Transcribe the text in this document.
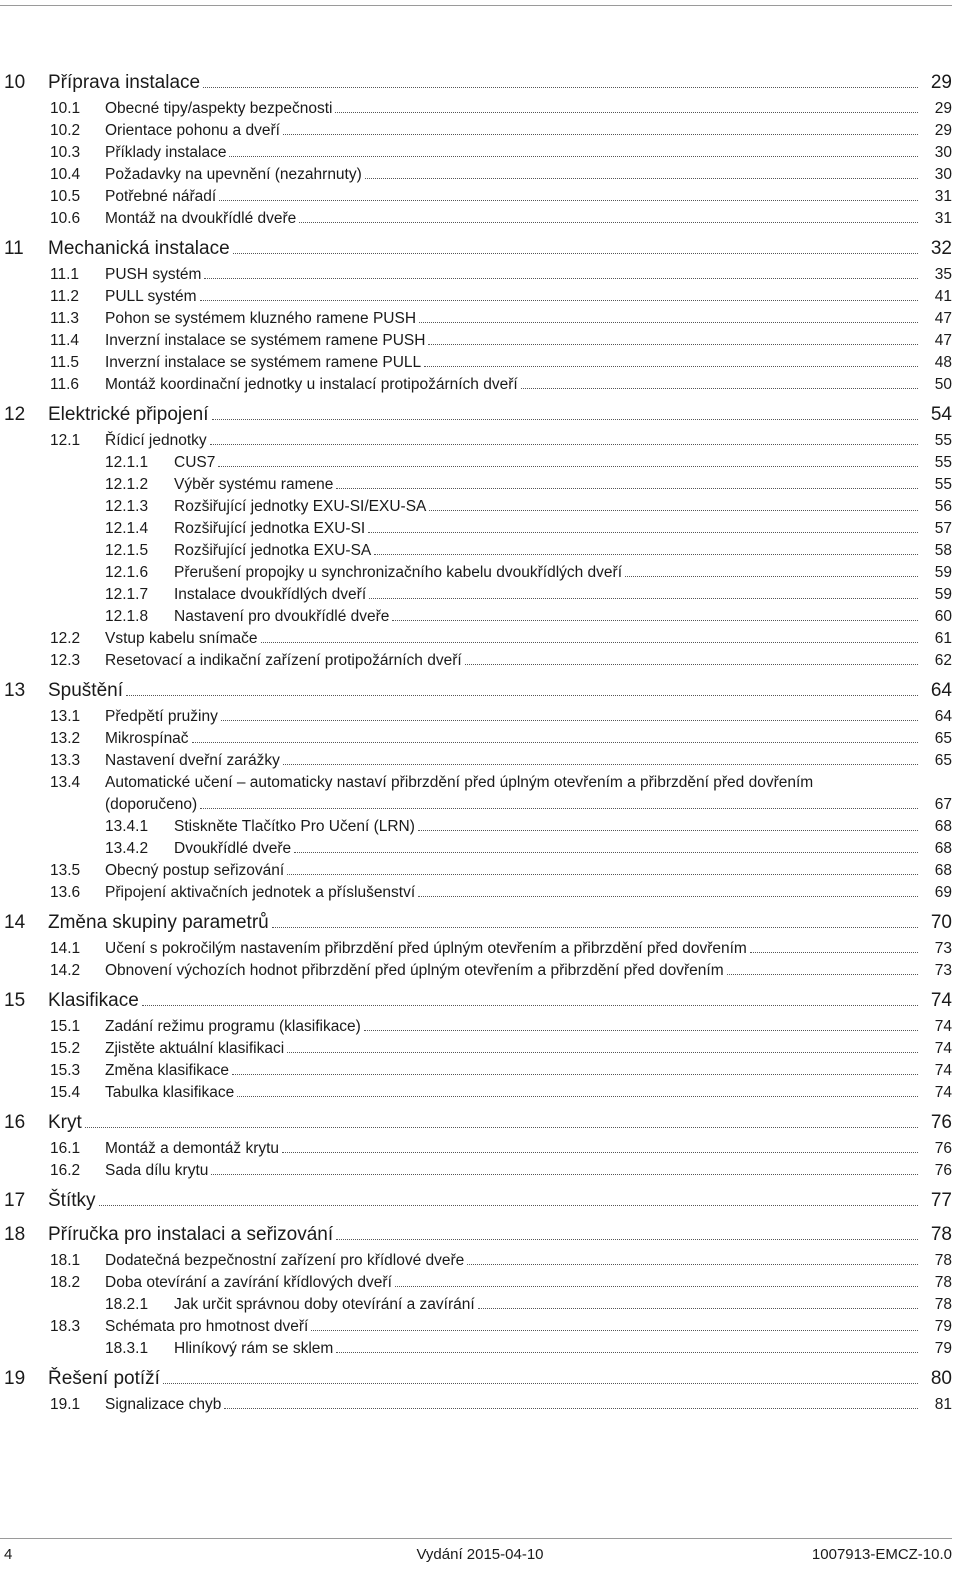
10 Příprava instalace	29
10.1 Obecné tipy/aspekty bezpečnosti	29
10.2 Orientace pohonu a dveří	29
10.3 Příklady instalace	30
10.4 Požadavky na upevnění (nezahrnuty)	30
10.5 Potřebné nářadí	31
10.6 Montáž na dvoukřídlé dveře	31
11 Mechanická instalace	32
11.1 PUSH systém	35
11.2 PULL systém	41
11.3 Pohon se systémem kluzného ramene PUSH	47
11.4 Inverzní instalace se systémem ramene PUSH	47
11.5 Inverzní instalace se systémem ramene PULL	48
11.6 Montáž koordinační jednotky u instalací protipožárních dveří	50
12 Elektrické připojení	54
12.1 Řídicí jednotky	55
12.1.1 CUS7	55
12.1.2 Výběr systému ramene	55
12.1.3 Rozšiřující jednotky EXU-SI/EXU-SA	56
12.1.4 Rozšiřující jednotka EXU-SI	57
12.1.5 Rozšiřující jednotka EXU-SA	58
12.1.6 Přerušení propojky u synchronizačního kabelu dvoukřídlých dveří	59
12.1.7 Instalace dvoukřídlých dveří	59
12.1.8 Nastavení pro dvoukřídlé dveře	60
12.2 Vstup kabelu snímače	61
12.3 Resetovací a indikační zařízení protipožárních dveří	62
13 Spuštění	64
13.1 Předpětí pružiny	64
13.2 Mikrospínač	65
13.3 Nastavení dveřní zarážky	65
13.4 Automatické učení – automaticky nastaví přibrzdění před úplným otevřením a přibrzdění před dovřením
(doporučeno)	67
13.4.1 Stiskněte Tlačítko Pro Učení (LRN)	68
13.4.2 Dvoukřídlé dveře	68
13.5 Obecný postup seřizování	68
13.6 Připojení aktivačních jednotek a příslušenství	69
14 Změna skupiny parametrů	70
14.1 Učení s pokročilým nastavením přibrzdění před úplným otevřením a přibrzdění před dovřením	73
14.2 Obnovení výchozích hodnot přibrzdění před úplným otevřením a přibrzdění před dovřením	73
15 Klasifikace	74
15.1 Zadání režimu programu (klasifikace)	74
15.2 Zjistěte aktuální klasifikaci	74
15.3 Změna klasifikace	74
15.4 Tabulka klasifikace	74
16 Kryt	76
16.1 Montáž a demontáž krytu	76
16.2 Sada dílu krytu	76
17 Štítky	77
18 Příručka pro instalaci a seřizování	78
18.1 Dodatečná bezpečnostní zařízení pro křídlové dveře	78
18.2 Doba otevírání a zavírání křídlových dveří	78
18.2.1 Jak určit správnou doby otevírání a zavírání	78
18.3 Schémata pro hmotnost dveří	79
18.3.1 Hliníkový rám se sklem	79
19 Řešení potíží	80
19.1 Signalizace chyb	81
4	Vydání 2015-04-10	1007913-EMCZ-10.0
